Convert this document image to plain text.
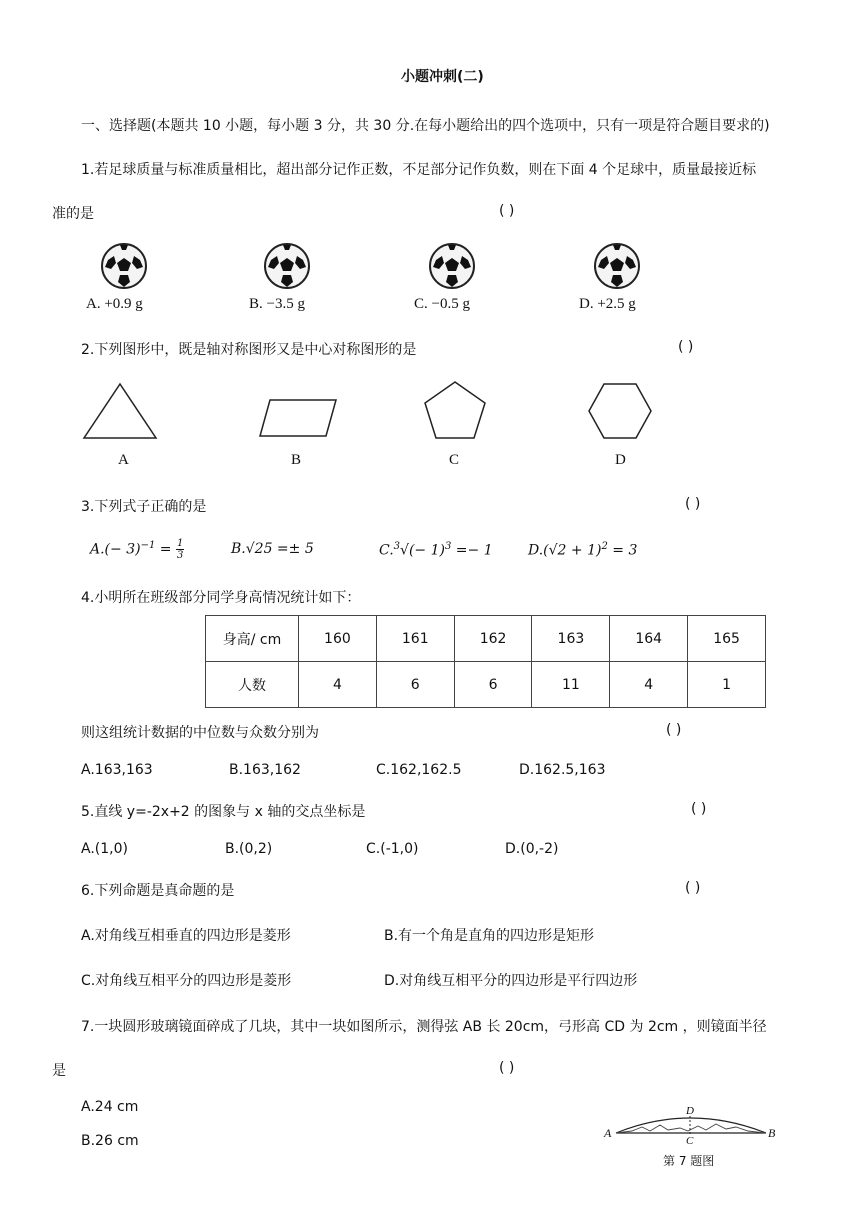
小题冲刺(二)
一、选择题(本题共 10 小题，每小题 3 分，共 30 分.在每小题给出的四个选项中，只有一项是符合题目要求的)
1.若足球质量与标准质量相比，超出部分记作正数，不足部分记作负数，则在下面 4 个足球中，质量最接近标
准的是	( )
A. +0.9 g	B. −3.5 g	C. −0.5 g	D. +2.5 g
2.下列图形中，既是轴对称图形又是中心对称图形的是	( )
A	B	C	D
3.下列式子正确的是	( )
$A.(- 3)^{-1} = \frac{1}{3}$	B.√25 =± 5	$C.^3√(- 1)^3 =- 1$	$D.(√2 + 1)^2 = 3$
4.小明所在班级部分同学身高情况统计如下：
身高/ cm	160	161	162	163	164	165
人数	4	6	6	11	4	1
则这组统计数据的中位数与众数分别为	( )
A.163,163	B.163,162	C.162,162.5	D.162.5,163
5.直线 y=-2x+2 的图象与 x 轴的交点坐标是	( )
A.(1,0)	B.(0,2)	C.(-1,0)	D.(0,-2)
6.下列命题是真命题的是	( )
A.对角线互相垂直的四边形是菱形	B.有一个角是直角的四边形是矩形
C.对角线互相平分的四边形是菱形	D.对角线互相平分的四边形是平行四边形
7.一块圆形玻璃镜面碎成了几块，其中一块如图所示，测得弦 AB 长 20cm，弓形高 CD 为 2cm ，则镜面半径
是	( )
A.24 cm
B.26 cm	A	B
C
D
第 7 题图
